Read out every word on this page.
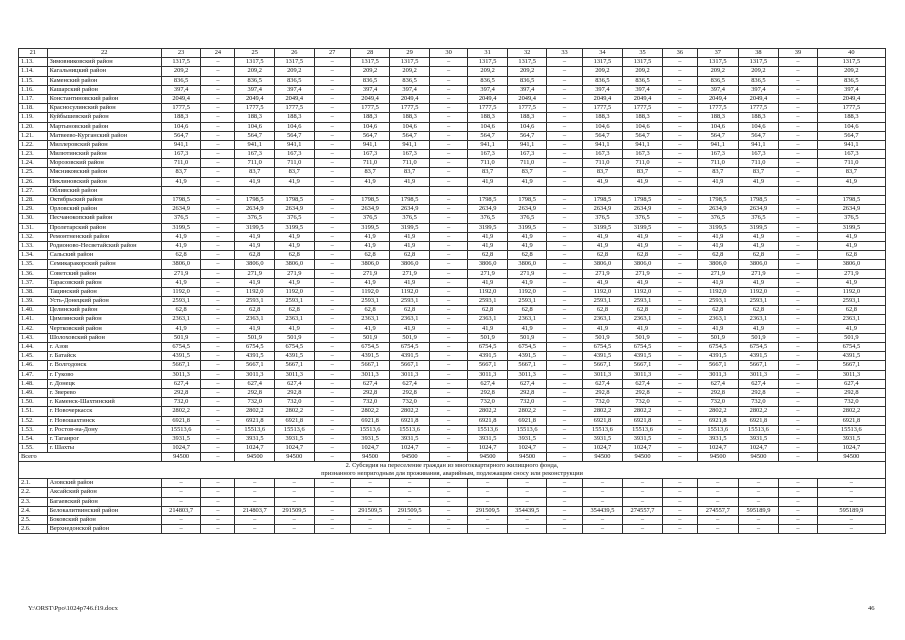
21	22	23	24	25	26	27	28	29	30	31	32	33	34	35	36	37	38	39	40
1.13.	Зимовниковский район	1317,5	–	1317,5	1317,5	–	1317,5	1317,5	–	1317,5	1317,5	–	1317,5	1317,5	–	1317,5	1317,5	–	1317,5
1.14.	Кагальницкий район	209,2	–	209,2	209,2	–	209,2	209,2	–	209,2	209,2	–	209,2	209,2	–	209,2	209,2	–	209,2
1.15.	Каменский район	836,5	–	836,5	836,5	–	836,5	836,5	–	836,5	836,5	–	836,5	836,5	–	836,5	836,5	–	836,5
1.16.	Кашарский район	397,4	–	397,4	397,4	–	397,4	397,4	–	397,4	397,4	–	397,4	397,4	–	397,4	397,4	–	397,4
1.17.	Константиновский район	2049,4	–	2049,4	2049,4	–	2049,4	2049,4	–	2049,4	2049,4	–	2049,4	2049,4	–	2049,4	2049,4	–	2049,4
1.18.	Красносулинский район	1777,5	–	1777,5	1777,5	–	1777,5	1777,5	–	1777,5	1777,5	–	1777,5	1777,5	–	1777,5	1777,5	–	1777,5
1.19.	Куйбышевский район	188,3	–	188,3	188,3	–	188,3	188,3	–	188,3	188,3	–	188,3	188,3	–	188,3	188,3	–	188,3
1.20.	Мартыновский район	104,6	–	104,6	104,6	–	104,6	104,6	–	104,6	104,6	–	104,6	104,6	–	104,6	104,6	–	104,6
1.21.	Матвеево-Курганский район	564,7	–	564,7	564,7	–	564,7	564,7	–	564,7	564,7	–	564,7	564,7	–	564,7	564,7	–	564,7
1.22.	Миллеровский район	941,1	–	941,1	941,1	–	941,1	941,1	–	941,1	941,1	–	941,1	941,1	–	941,1	941,1	–	941,1
1.23.	Милютинский район	167,3	–	167,3	167,3	–	167,3	167,3	–	167,3	167,3	–	167,3	167,3	–	167,3	167,3	–	167,3
1.24.	Морозовский район	711,0	–	711,0	711,0	–	711,0	711,0	–	711,0	711,0	–	711,0	711,0	–	711,0	711,0	–	711,0
1.25.	Мясниковский район	83,7	–	83,7	83,7	–	83,7	83,7	–	83,7	83,7	–	83,7	83,7	–	83,7	83,7	–	83,7
1.26.	Неклиновский район	41,9	–	41,9	41,9	–	41,9	41,9	–	41,9	41,9	–	41,9	41,9	–	41,9	41,9	–	41,9
1.27.	Обливский район																		
1.28.	Октябрьский район	1798,5	–	1798,5	1798,5	–	1798,5	1798,5	–	1798,5	1798,5	–	1798,5	1798,5	–	1798,5	1798,5	–	1798,5
1.29.	Орловский район	2634,9	–	2634,9	2634,9	–	2634,9	2634,9	–	2634,9	2634,9	–	2634,9	2634,9	–	2634,9	2634,9	–	2634,9
1.30.	Песчанокопский район	376,5	–	376,5	376,5	–	376,5	376,5	–	376,5	376,5	–	376,5	376,5	–	376,5	376,5	–	376,5
1.31.	Пролетарский район	3199,5	–	3199,5	3199,5	–	3199,5	3199,5	–	3199,5	3199,5	–	3199,5	3199,5	–	3199,5	3199,5	–	3199,5
1.32.	Ремонтненский район	41,9	–	41,9	41,9	–	41,9	41,9	–	41,9	41,9	–	41,9	41,9	–	41,9	41,9	–	41,9
1.33.	Родионово-Несветайский район	41,9	–	41,9	41,9	–	41,9	41,9	–	41,9	41,9	–	41,9	41,9	–	41,9	41,9	–	41,9
1.34.	Сальский район	62,8	–	62,8	62,8	–	62,8	62,8	–	62,8	62,8	–	62,8	62,8	–	62,8	62,8	–	62,8
1.35.	Семикаракорский район	3806,0	–	3806,0	3806,0	–	3806,0	3806,0	–	3806,0	3806,0	–	3806,0	3806,0	–	3806,0	3806,0	–	3806,0
1.36.	Советский район	271,9	–	271,9	271,9	–	271,9	271,9	–	271,9	271,9	–	271,9	271,9	–	271,9	271,9	–	271,9
1.37.	Тарасовский район	41,9	–	41,9	41,9	–	41,9	41,9	–	41,9	41,9	–	41,9	41,9	–	41,9	41,9	–	41,9
1.38.	Тацинский район	1192,0	–	1192,0	1192,0	–	1192,0	1192,0	–	1192,0	1192,0	–	1192,0	1192,0	–	1192,0	1192,0	–	1192,0
1.39.	Усть-Донецкий район	2593,1	–	2593,1	2593,1	–	2593,1	2593,1	–	2593,1	2593,1	–	2593,1	2593,1	–	2593,1	2593,1	–	2593,1
1.40.	Целинский район	62,8	–	62,8	62,8	–	62,8	62,8	–	62,8	62,8	–	62,8	62,8	–	62,8	62,8	–	62,8
1.41.	Цимлянский район	2363,1	–	2363,1	2363,1	–	2363,1	2363,1	–	2363,1	2363,1	–	2363,1	2363,1	–	2363,1	2363,1	–	2363,1
1.42.	Чертковский район	41,9	–	41,9	41,9	–	41,9	41,9	–	41,9	41,9	–	41,9	41,9	–	41,9	41,9	–	41,9
1.43.	Шолоховский район	501,9	–	501,9	501,9	–	501,9	501,9	–	501,9	501,9	–	501,9	501,9	–	501,9	501,9	–	501,9
1.44.	г. Азов	6754,5	–	6754,5	6754,5	–	6754,5	6754,5	–	6754,5	6754,5	–	6754,5	6754,5	–	6754,5	6754,5	–	6754,5
1.45.	г. Батайск	4391,5	–	4391,5	4391,5	–	4391,5	4391,5	–	4391,5	4391,5	–	4391,5	4391,5	–	4391,5	4391,5	–	4391,5
1.46.	г. Волгодонск	5667,1	–	5667,1	5667,1	–	5667,1	5667,1	–	5667,1	5667,1	–	5667,1	5667,1	–	5667,1	5667,1	–	5667,1
1.47.	г. Гуково	3011,3	–	3011,3	3011,3	–	3011,3	3011,3	–	3011,3	3011,3	–	3011,3	3011,3	–	3011,3	3011,3	–	3011,3
1.48.	г. Донецк	627,4	–	627,4	627,4	–	627,4	627,4	–	627,4	627,4	–	627,4	627,4	–	627,4	627,4	–	627,4
1.49.	г. Зверево	292,8	–	292,8	292,8	–	292,8	292,8	–	292,8	292,8	–	292,8	292,8	–	292,8	292,8	–	292,8
1.50.	г. Каменск-Шахтинский	732,0	–	732,0	732,0	–	732,0	732,0	–	732,0	732,0	–	732,0	732,0	–	732,0	732,0	–	732,0
1.51.	г. Новочеркасск	2802,2	–	2802,2	2802,2	–	2802,2	2802,2	–	2802,2	2802,2	–	2802,2	2802,2	–	2802,2	2802,2	–	2802,2
1.52.	г. Новошахтинск	6921,8	–	6921,8	6921,8	–	6921,8	6921,8	–	6921,8	6921,8	–	6921,8	6921,8	–	6921,8	6921,8	–	6921,8
1.53.	г. Ростов-на-Дону	15513,6	–	15513,6	15513,6	–	15513,6	15513,6	–	15513,6	15513,6	–	15513,6	15513,6	–	15513,6	15513,6	–	15513,6
1.54.	г. Таганрог	3931,5	–	3931,5	3931,5	–	3931,5	3931,5	–	3931,5	3931,5	–	3931,5	3931,5	–	3931,5	3931,5	–	3931,5
1.55.	г. Шахты	1024,7	–	1024,7	1024,7	–	1024,7	1024,7	–	1024,7	1024,7	–	1024,7	1024,7	–	1024,7	1024,7	–	1024,7
Всего		94500	–	94500	94500	–	94500	94500	–	94500	94500	–	94500	94500	–	94500	94500	–	94500

2. Субсидия на переселение граждан из многоквартирного жилищного фонда,
признанного непригодным для проживания, аварийным, подлежащим сносу или реконструкции																			

2.1.	Азовский район	–	–	–	–	–	–	–	–	–	–	–	–	–	–	–	–	–	–
2.2.	Аксайский район	–	–	–	–	–	–	–	–	–	–	–	–	–	–	–	–	–	–
2.3.	Багаевский район	–	–	–	–	–	–	–	–	–	–	–	–	–	–	–	–	–	–
2.4.	Белокалитвинский район	214803,7	–	214803,7	291509,5	–	291509,5	291509,5	–	291509,5	354439,5	–	354439,5	274557,7	–	274557,7	595189,9	–	595189,9
2.5.	Боковский район	–	–	–	–	–	–	–	–	–	–	–	–	–	–	–	–	–	–
2.6.	Верхнедонской район	–	–	–	–	–	–	–	–	–	–	–	–	–	–	–	–	–	–
Y:\ORST\Ppo\1024p746.f19.docx	46
